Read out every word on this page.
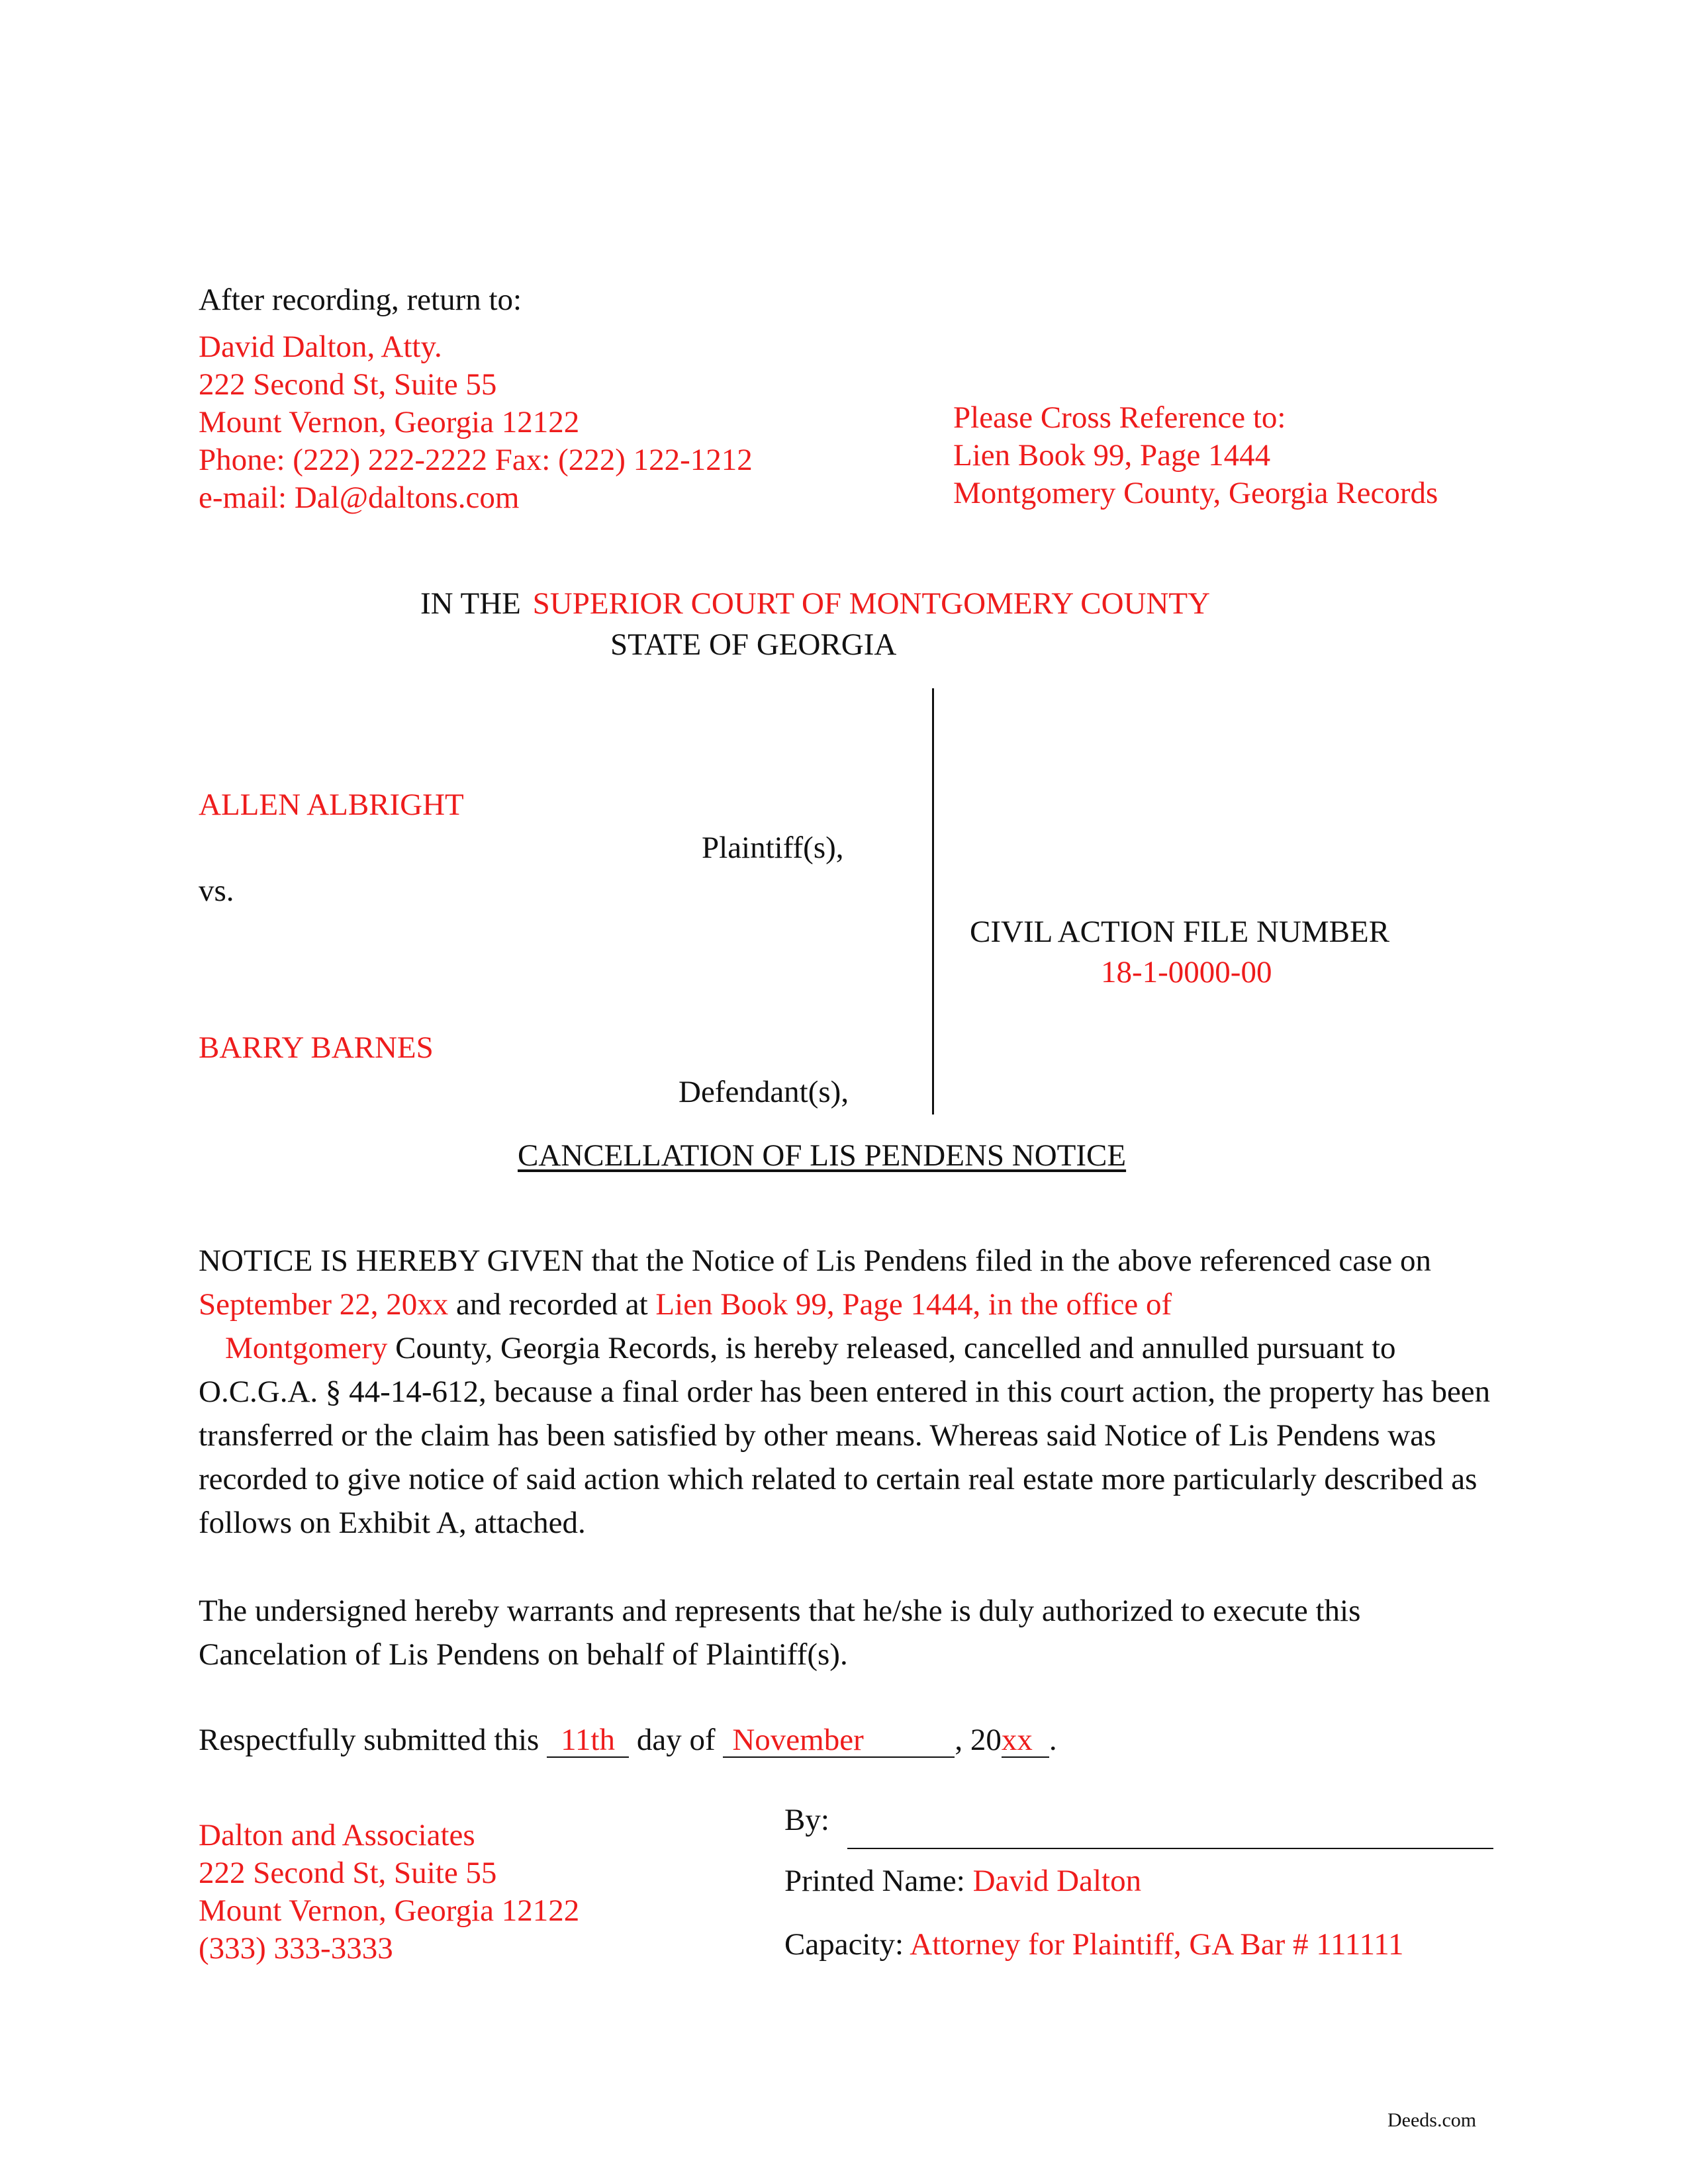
After recording, return to:
David Dalton, Atty.
222 Second St, Suite 55
Mount Vernon, Georgia 12122
Phone: (222) 222-2222 Fax: (222) 122-1212
e-mail: Dal@daltons.com
Please Cross Reference to:
Lien Book 99, Page 1444
Montgomery County, Georgia Records
IN THE SUPERIOR COURT OF MONTGOMERY COUNTY
STATE OF GEORGIA
ALLEN ALBRIGHT
Plaintiff(s),
vs.
CIVIL ACTION FILE NUMBER
18-1-0000-00
BARRY BARNES
Defendant(s),
CANCELLATION OF LIS PENDENS NOTICE
NOTICE IS HEREBY GIVEN that the Notice of Lis Pendens filed in the above referenced case on September 22, 20xx and recorded at Lien Book 99, Page 1444, in the office of
Montgomery County, Georgia Records, is hereby released, cancelled and annulled pursuant to O.C.G.A. § 44-14-612, because a final order has been entered in this court action, the property has been transferred or the claim has been satisfied by other means. Whereas said Notice of Lis Pendens was recorded to give notice of said action which related to certain real estate more particularly described as follows on Exhibit A, attached.
The undersigned hereby warrants and represents that he/she is duly authorized to execute this Cancelation of Lis Pendens on behalf of Plaintiff(s).
Respectfully submitted this 11th day of November	, 20xx .
Dalton and Associates
222 Second St, Suite 55
Mount Vernon, Georgia 12122
(333) 333-3333
By:
Printed Name: David Dalton
Capacity: Attorney for Plaintiff, GA Bar # 111111
Deeds.com
